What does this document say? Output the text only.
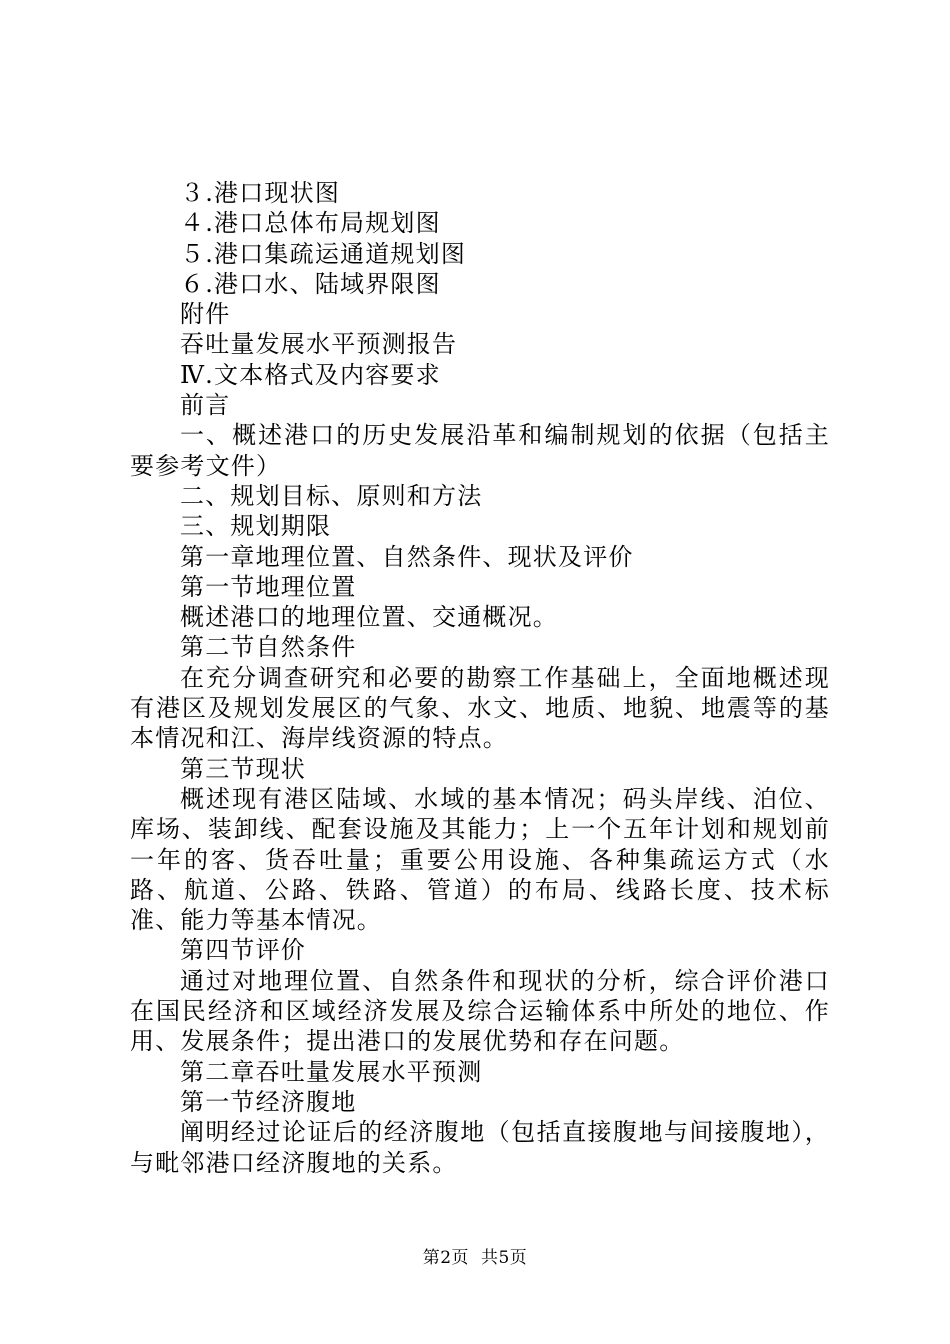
３.港口现状图
４.港口总体布局规划图
５.港口集疏运通道规划图
６.港口水、陆域界限图
附件
吞吐量发展水平预测报告
Ⅳ.文本格式及内容要求
前言
一、概述港口的历史发展沿革和编制规划的依据（包括主要参考文件）
二、规划目标、原则和方法
三、规划期限
第一章地理位置、自然条件、现状及评价
第一节地理位置
概述港口的地理位置、交通概况。
第二节自然条件
在充分调查研究和必要的勘察工作基础上，全面地概述现有港区及规划发展区的气象、水文、地质、地貌、地震等的基本情况和江、海岸线资源的特点。
第三节现状
概述现有港区陆域、水域的基本情况；码头岸线、泊位、库场、装卸线、配套设施及其能力；上一个五年计划和规划前一年的客、货吞吐量；重要公用设施、各种集疏运方式（水路、航道、公路、铁路、管道）的布局、线路长度、技术标准、能力等基本情况。
第四节评价
通过对地理位置、自然条件和现状的分析，综合评价港口在国民经济和区域经济发展及综合运输体系中所处的地位、作用、发展条件；提出港口的发展优势和存在问题。
第二章吞吐量发展水平预测
第一节经济腹地
阐明经过论证后的经济腹地（包括直接腹地与间接腹地），与毗邻港口经济腹地的关系。
第2页 共5页
